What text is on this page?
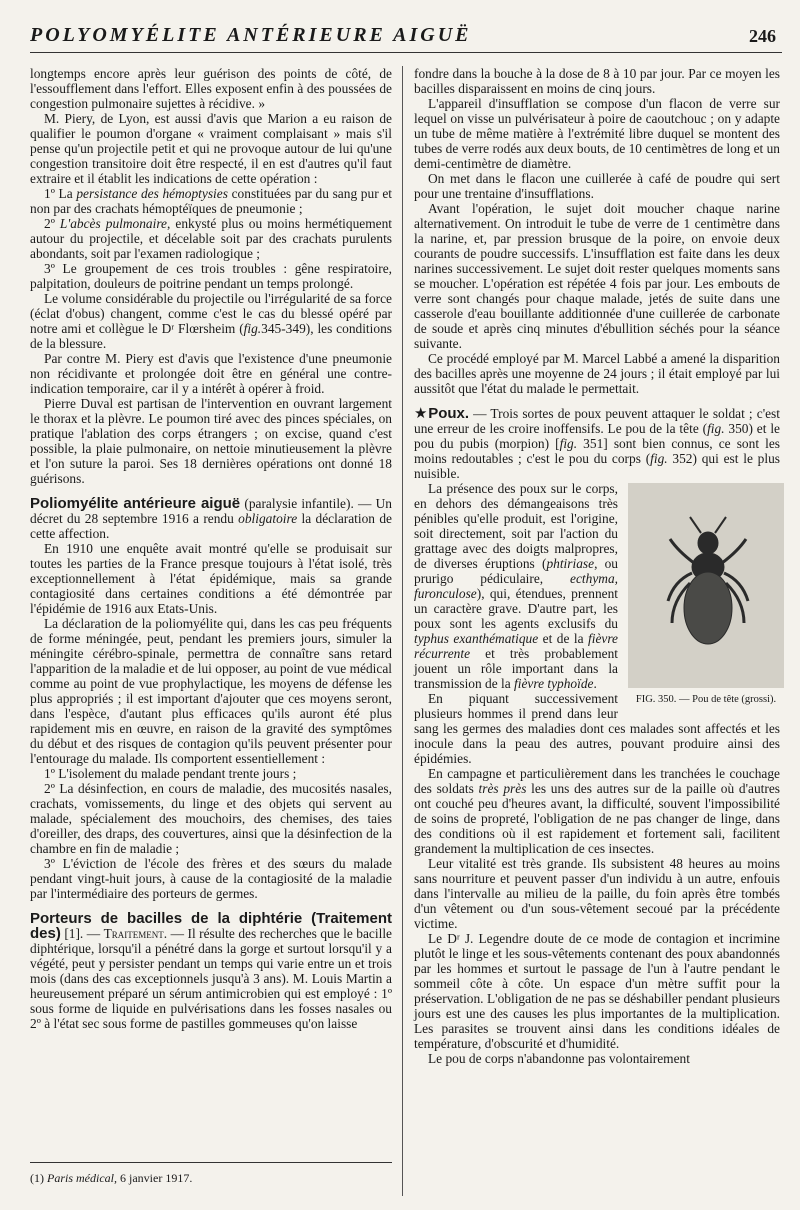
POLYOMYÉLITE ANTÉRIEURE AIGUË	246

longtemps encore après leur guérison des points de côté, de l'essoufflement dans l'effort. Elles exposent enfin à des poussées de congestion pulmonaire sujettes à récidive. »

M. Piery, de Lyon, est aussi d'avis que Marion a eu raison de qualifier le poumon d'organe « vraiment complaisant » mais s'il pense qu'un projectile petit et qui ne provoque autour de lui qu'une congestion transitoire doit être respecté, il en est d'autres qu'il faut extraire et il établit les indications de cette opération :

1º La persistance des hémoptysies constituées par du sang pur et non par des crachats hémoptéïques de pneumonie ;

2º L'abcès pulmonaire, enkysté plus ou moins hermétiquement autour du projectile, et décelable soit par des crachats purulents abondants, soit par l'examen radiologique ;

3º Le groupement de ces trois troubles : gêne respiratoire, palpitation, douleurs de poitrine pendant un temps prolongé.

Le volume considérable du projectile ou l'irrégularité de sa force (éclat d'obus) changent, comme c'est le cas du blessé opéré par notre ami et collègue le Dʳ Flœrsheim (fig.345-349), les conditions de la blessure.

Par contre M. Piery est d'avis que l'existence d'une pneumonie non récidivante et prolongée doit être en général une contre-indication temporaire, car il y a intérêt à opérer à froid.

Pierre Duval est partisan de l'intervention en ouvrant largement le thorax et la plèvre. Le poumon tiré avec des pinces spéciales, on pratique l'ablation des corps étrangers ; on excise, quand c'est possible, la plaie pulmonaire, on nettoie minutieusement la plèvre et l'on suture la paroi. Ses 18 dernières opérations ont donné 18 guérisons.

Poliomyélite antérieure aiguë (paralysie infantile). — Un décret du 28 septembre 1916 a rendu obligatoire la déclaration de cette affection.

En 1910 une enquête avait montré qu'elle se produisait sur toutes les parties de la France presque toujours à l'état isolé, très exceptionnellement à l'état épidémique, mais sa grande contagiosité dans certaines conditions a été démontrée par l'épidémie de 1916 aux Etats-Unis.

La déclaration de la poliomyélite qui, dans les cas peu fréquents de forme méningée, peut, pendant les premiers jours, simuler la méningite cérébro-spinale, permettra de connaître sans retard l'apparition de la maladie et de lui opposer, au point de vue médical comme au point de vue prophylactique, les moyens de défense les plus appropriés ; il est important d'ajouter que ces moyens seront, dans l'espèce, d'autant plus efficaces qu'ils auront été plus rapidement mis en œuvre, en raison de la gravité des symptômes du début et des risques de contagion qu'ils peuvent présenter pour l'entourage du malade. Ils comportent essentiellement :

1º L'isolement du malade pendant trente jours ;

2º La désinfection, en cours de maladie, des mucosités nasales, crachats, vomissements, du linge et des objets qui servent au malade, spécialement des mouchoirs, des chemises, des taies d'oreiller, des draps, des couvertures, ainsi que la désinfection de la chambre en fin de maladie ;

3º L'éviction de l'école des frères et des sœurs du malade pendant vingt-huit jours, à cause de la contagiosité de la maladie par l'intermédiaire des porteurs de germes.

Porteurs de bacilles de la diphtérie (Traitement des) [1]. — Traitement. — Il résulte des recherches que le bacille diphtérique, lorsqu'il a pénétré dans la gorge et surtout lorsqu'il y a végété, peut y persister pendant un temps qui varie entre un et trois mois (dans des cas exceptionnels jusqu'à 3 ans). M. Louis Martin a heureusement préparé un sérum antimicrobien qui est employé : 1º sous forme de liquide en pulvérisations dans les fosses nasales ou 2º à l'état sec sous forme de pastilles gommeuses qu'on laisse

(1) Paris médical, 6 janvier 1917.

fondre dans la bouche à la dose de 8 à 10 par jour. Par ce moyen les bacilles disparaissent en moins de cinq jours.

L'appareil d'insufflation se compose d'un flacon de verre sur lequel on visse un pulvérisateur à poire de caoutchouc ; on y adapte un tube de même matière à l'extrémité libre duquel se montent des tubes de verre rodés aux deux bouts, de 10 centimètres de long et un demi-centimètre de diamètre.

On met dans le flacon une cuillerée à café de poudre qui sert pour une trentaine d'insufflations.

Avant l'opération, le sujet doit moucher chaque narine alternativement. On introduit le tube de verre de 1 centimètre dans la narine, et, par pression brusque de la poire, on envoie deux courants de poudre successifs. L'insufflation est faite dans les deux narines successivement. Le sujet doit rester quelques moments sans se moucher. L'opération est répétée 4 fois par jour. Les embouts de verre sont changés pour chaque malade, jetés de suite dans une casserole d'eau bouillante additionnée d'une cuillerée de carbonate de soude et après cinq minutes d'ébullition séchés pour la séance suivante.

Ce procédé employé par M. Marcel Labbé a amené la disparition des bacilles après une moyenne de 24 jours ; il était employé par lui aussitôt que l'état du malade le permettait.

★Poux. — Trois sortes de poux peuvent attaquer le soldat ; c'est une erreur de les croire inoffensifs. Le pou de la tête (fig. 350) et le pou du pubis (morpion) [fig. 351] sont bien connus, ce sont les moins redoutables ; c'est le pou du corps (fig. 352) qui est le plus nuisible.

FIG. 350. — Pou de tête (grossi).

La présence des poux sur le corps, en dehors des démangeaisons très pénibles qu'elle produit, est l'origine, soit directement, soit par l'action du grattage avec des doigts malpropres, de diverses éruptions (phtiriase, ou prurigo pédiculaire, ecthyma, furonculose), qui, étendues, prennent un caractère grave. D'autre part, les poux sont les agents exclusifs du typhus exanthématique et de la fièvre récurrente et très probablement jouent un rôle important dans la transmission de la fièvre typhoïde.

En piquant successivement plusieurs hommes il prend dans leur sang les germes des maladies dont ces malades sont affectés et les inocule dans la peau des autres, pouvant produire ainsi des épidémies.

En campagne et particulièrement dans les tranchées le couchage des soldats très près les uns des autres sur de la paille où d'autres ont couché peu d'heures avant, la difficulté, souvent l'impossibilité de soins de propreté, l'obligation de ne pas changer de linge, dans des conditions où il est rapidement et fortement sali, facilitent grandement la multiplication de ces insectes.

Leur vitalité est très grande. Ils subsistent 48 heures au moins sans nourriture et peuvent passer d'un individu à un autre, enfouis dans l'intervalle au milieu de la paille, du foin après être tombés d'un vêtement ou d'un sous-vêtement secoué par la précédente victime.

Le Dʳ J. Legendre doute de ce mode de contagion et incrimine plutôt le linge et les sous-vêtements contenant des poux abandonnés par les hommes et surtout le passage de l'un à l'autre pendant le sommeil côte à côte. Un espace d'un mètre suffit pour la préservation. L'obligation de ne pas se déshabiller pendant plusieurs jours est une des causes les plus importantes de la multiplication. Les parasites se trouvent ainsi dans les conditions idéales de température, d'obscurité et d'humidité.

Le pou de corps n'abandonne pas volontairement
